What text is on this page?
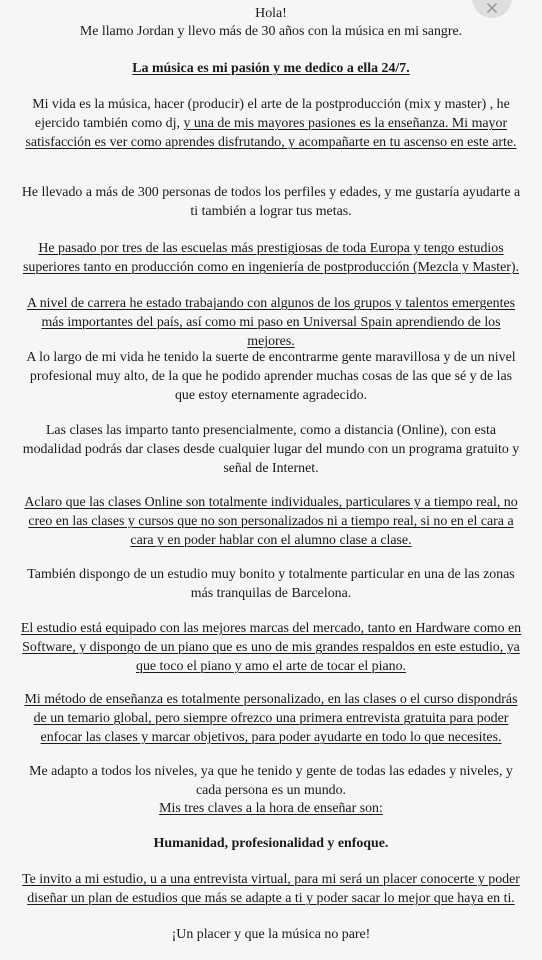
Hola!

Me llamo Jordan y llevo más de 30 años con la música en mi sangre.

La música es mi pasión y me dedico a ella 24/7.

Mi vida es la música, hacer (producir) el arte de la postproducción (mix y master) , he ejercido también como dj, y una de mis mayores pasiones es la enseñanza. Mi mayor satisfacción es ver como aprendes disfrutando, y acompañarte en tu ascenso en este arte.

He llevado a más de 300 personas de todos los perfiles y edades, y me gustaría ayudarte a ti también a lograr tus metas.

He pasado por tres de las escuelas más prestigiosas de toda Europa y tengo estudios superiores tanto en producción como en ingeniería de postproducción (Mezcla y Master).

A nivel de carrera he estado trabajando con algunos de los grupos y talentos emergentes más importantes del país, así como mi paso en Universal Spain aprendiendo de los mejores.

A lo largo de mi vida he tenido la suerte de encontrarme gente maravillosa y de un nivel profesional muy alto, de la que he podido aprender muchas cosas de las que sé y de las que estoy eternamente agradecido.

Las clases las imparto tanto presencialmente, como a distancia (Online), con esta modalidad podrás dar clases desde cualquier lugar del mundo con un programa gratuito y señal de Internet.

Aclaro que las clases Online son totalmente individuales, particulares y a tiempo real, no creo en las clases y cursos que no son personalizados ni a tiempo real, si no en el cara a cara y en poder hablar con el alumno clase a clase.

También dispongo de un estudio muy bonito y totalmente particular en una de las zonas más tranquilas de Barcelona.

El estudio está equipado con las mejores marcas del mercado, tanto en Hardware como en Software, y dispongo de un piano que es uno de mis grandes respaldos en este estudio, ya que toco el piano y amo el arte de tocar el piano.

Mi método de enseñanza es totalmente personalizado, en las clases o el curso dispondrás de un temario global, pero siempre ofrezco una primera entrevista gratuita para poder enfocar las clases y marcar objetivos, para poder ayudarte en todo lo que necesites.

Me adapto a todos los niveles, ya que he tenido y gente de todas las edades y niveles, y cada persona es un mundo.

Mis tres claves a la hora de enseñar son:

Humanidad, profesionalidad y enfoque.

Te invito a mi estudio, u a una entrevista virtual, para mi será un placer conocerte y poder diseñar un plan de estudios que más se adapte a ti y poder sacar lo mejor que haya en ti.

¡Un placer y que la música no pare!
